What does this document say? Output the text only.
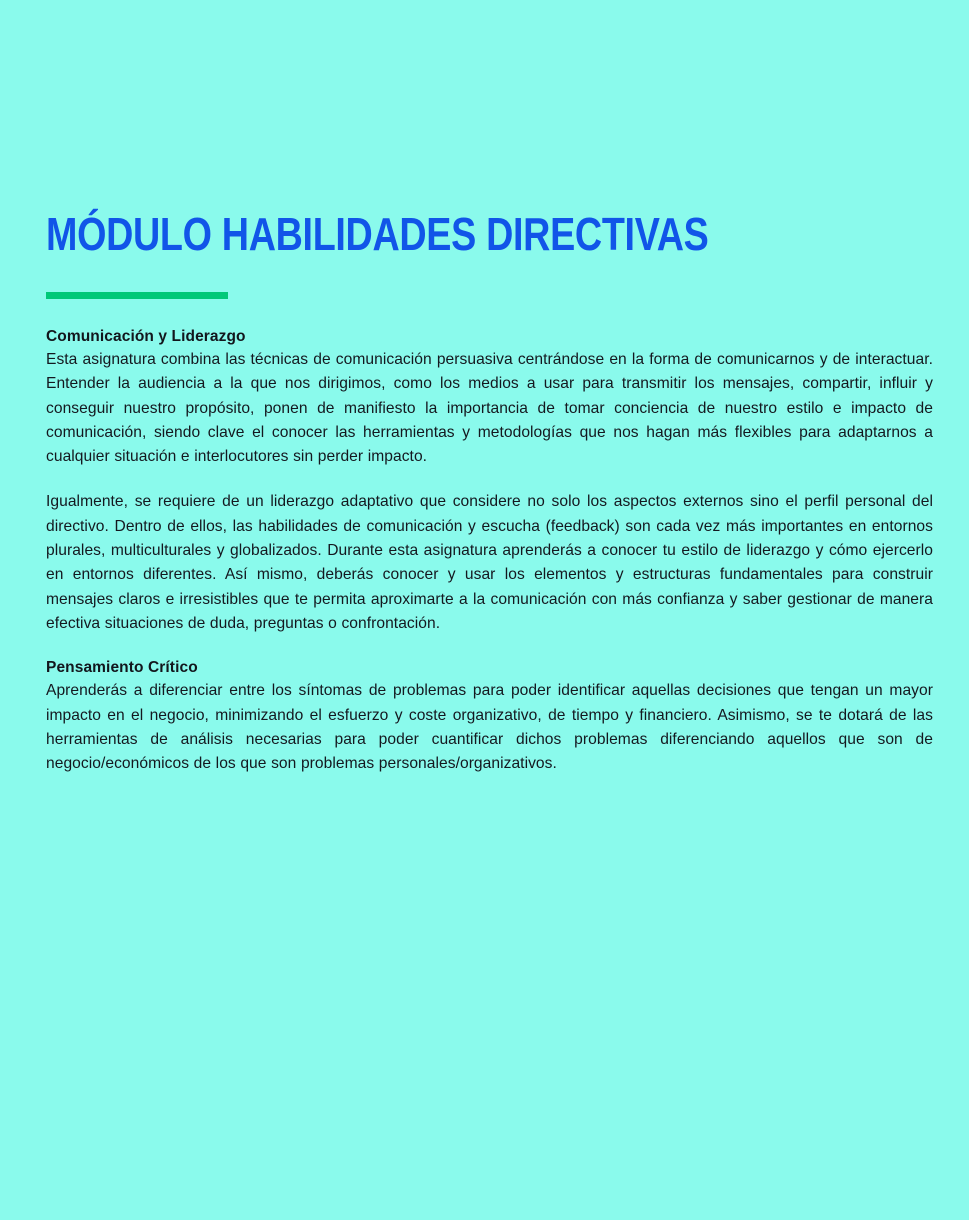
MÓDULO HABILIDADES DIRECTIVAS
Comunicación y Liderazgo

Esta asignatura combina las técnicas de comunicación persuasiva centrándose en la forma de comunicarnos y de interactuar. Entender la audiencia a la que nos dirigimos, como los medios a usar para transmitir los mensajes, compartir, influir y conseguir nuestro propósito, ponen de manifiesto la importancia de tomar conciencia de nuestro estilo e impacto de comunicación, siendo clave el conocer las herramientas y metodologías que nos hagan más flexibles para adaptarnos a cualquier situación e interlocutores sin perder impacto.

Igualmente, se requiere de un liderazgo adaptativo que considere no solo los aspectos externos sino el perfil personal del directivo. Dentro de ellos, las habilidades de comunicación y escucha (feedback) son cada vez más importantes en entornos plurales, multiculturales y globalizados. Durante esta asignatura aprenderás a conocer tu estilo de liderazgo y cómo ejercerlo en entornos diferentes. Así mismo, deberás conocer y usar los elementos y estructuras fundamentales para construir mensajes claros e irresistibles que te permita aproximarte a la comunicación con más confianza y saber gestionar de manera efectiva situaciones de duda, preguntas o confrontación.

Pensamiento Crítico

Aprenderás a diferenciar entre los síntomas de problemas para poder identificar aquellas decisiones que tengan un mayor impacto en el negocio, minimizando el esfuerzo y coste organizativo, de tiempo y financiero. Asimismo, se te dotará de las herramientas de análisis necesarias para poder cuantificar dichos problemas diferenciando aquellos que son de negocio/económicos de los que son problemas personales/organizativos.
